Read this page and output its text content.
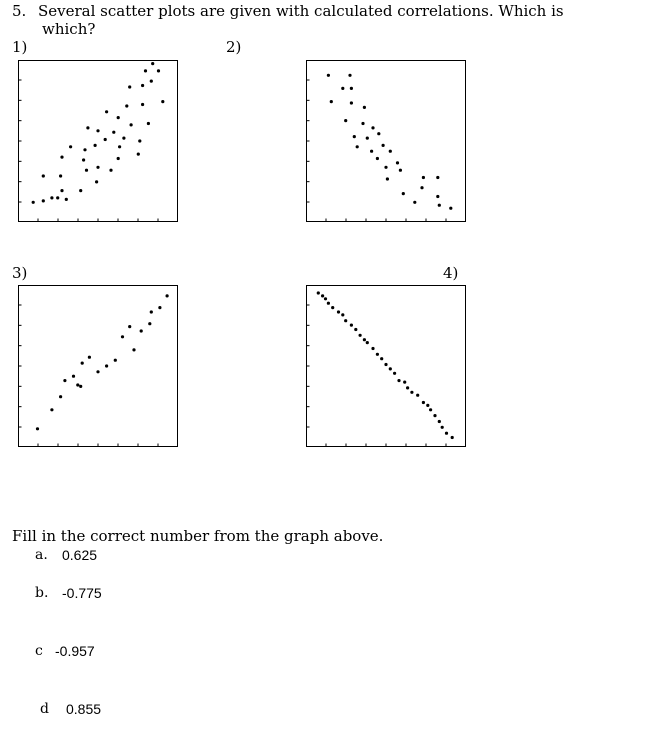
5. Several scatter plots are given with calculated correlations. Which is
which?
1)	2)
3)	4)
Fill in the correct number from the graph above.
a. 0.625
b. -0.775
c -0.957
d 0.855
